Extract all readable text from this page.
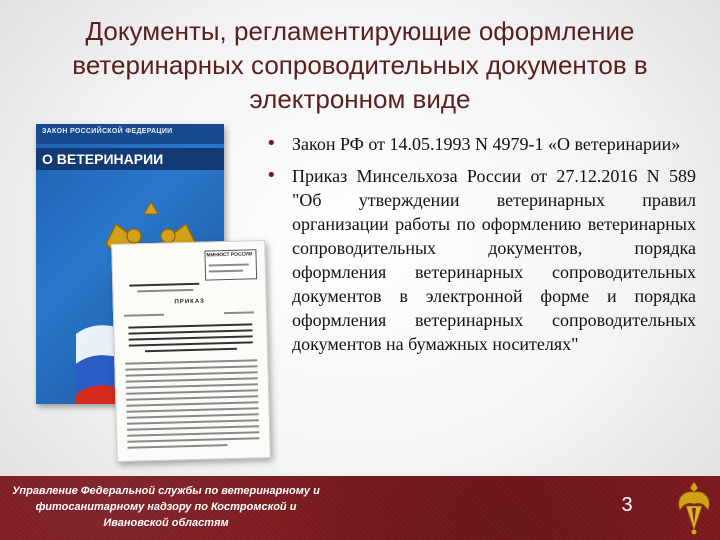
Документы, регламентирующие оформление ветеринарных сопроводительных документов в электронном виде
ЗАКОН РОССИЙСКОЙ ФЕДЕРАЦИИ
О ВЕТЕРИНАРИИ
МИНЮСТ РОССИИ
ПРИКАЗ
• Закон РФ от 14.05.1993 N 4979-1 «О ветеринарии»
• Приказ Минсельхоза России от 27.12.2016 N 589 "Об утверждении ветеринарных правил организации работы по оформлению ветеринарных сопроводительных документов, порядка оформления ветеринарных сопроводительных документов в электронной форме и порядка оформления ветеринарных сопроводительных документов на бумажных носителях"
Управление Федеральной службы по ветеринарному и фитосанитарному надзору по Костромской и Ивановской областям
3
